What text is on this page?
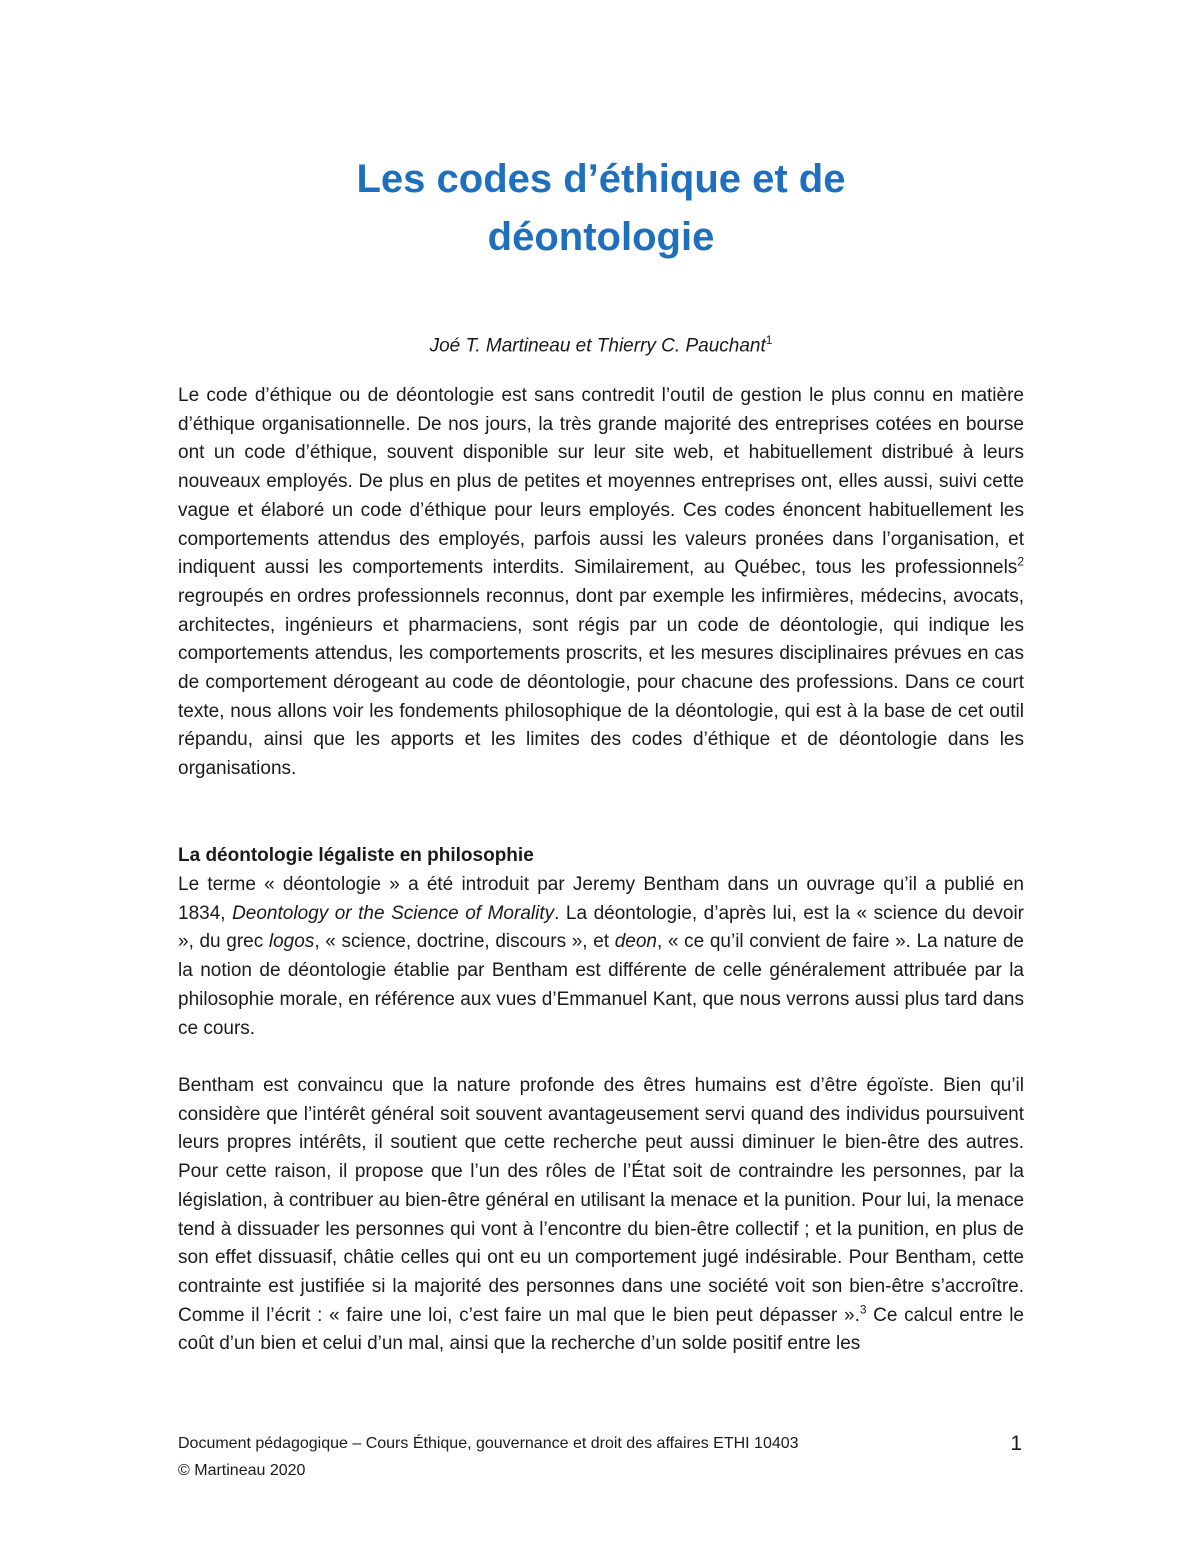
Les codes d’éthique et de
déontologie
Joé T. Martineau et Thierry C. Pauchant$^1$

Le code d’éthique ou de déontologie est sans contredit l’outil de gestion le plus connu en matière d’éthique organisationnelle. De nos jours, la très grande majorité des entreprises cotées en bourse ont un code d’éthique, souvent disponible sur leur site web, et habituellement distribué à leurs nouveaux employés. De plus en plus de petites et moyennes entreprises ont, elles aussi, suivi cette vague et élaboré un code d’éthique pour leurs employés. Ces codes énoncent habituellement les comportements attendus des employés, parfois aussi les valeurs pronées dans l’organisation, et indiquent aussi les comportements interdits. Similairement, au Québec, tous les professionnels$^2$ regroupés en ordres professionnels reconnus, dont par exemple les infirmières, médecins, avocats, architectes, ingénieurs et pharmaciens, sont régis par un code de déontologie, qui indique les comportements attendus, les comportements proscrits, et les mesures disciplinaires prévues en cas de comportement dérogeant au code de déontologie, pour chacune des professions. Dans ce court texte, nous allons voir les fondements philosophique de la déontologie, qui est à la base de cet outil répandu, ainsi que les apports et les limites des codes d’éthique et de déontologie dans les organisations.

La déontologie légaliste en philosophie

Le terme « déontologie » a été introduit par Jeremy Bentham dans un ouvrage qu’il a publié en 1834, Deontology or the Science of Morality. La déontologie, d’après lui, est la « science du devoir », du grec logos, « science, doctrine, discours », et deon, « ce qu’il convient de faire ». La nature de la notion de déontologie établie par Bentham est différente de celle généralement attribuée par la philosophie morale, en référence aux vues d’Emmanuel Kant, que nous verrons aussi plus tard dans ce cours.

Bentham est convaincu que la nature profonde des êtres humains est d’être égoïste. Bien qu’il considère que l’intérêt général soit souvent avantageusement servi quand des individus poursuivent leurs propres intérêts, il soutient que cette recherche peut aussi diminuer le bien-être des autres. Pour cette raison, il propose que l’un des rôles de l’État soit de contraindre les personnes, par la législation, à contribuer au bien-être général en utilisant la menace et la punition. Pour lui, la menace tend à dissuader les personnes qui vont à l’encontre du bien-être collectif ; et la punition, en plus de son effet dissuasif, châtie celles qui ont eu un comportement jugé indésirable. Pour Bentham, cette contrainte est justifiée si la majorité des personnes dans une société voit son bien-être s’accroître. Comme il l’écrit : « faire une loi, c’est faire un mal que le bien peut dépasser ».$^3$ Ce calcul entre le coût d’un bien et celui d’un mal, ainsi que la recherche d’un solde positif entre les

Document pédagogique – Cours Éthique, gouvernance et droit des affaires ETHI 10403
© Martineau 2020
1
